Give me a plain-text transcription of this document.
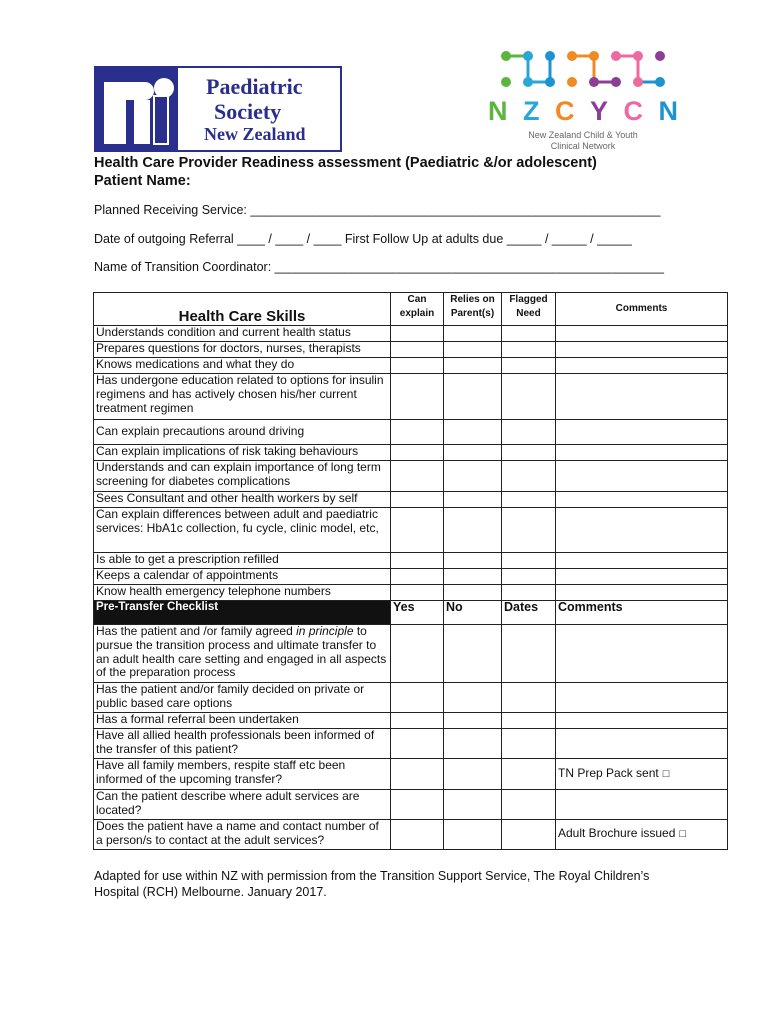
Paediatric
Society
New Zealand
N Z C Y C N
New Zealand Child & Youth
Clinical Network
Health Care Provider Readiness assessment (Paediatric &/or adolescent)
Patient Name:
Planned Receiving Service: ___________________________________________________________
Date of outgoing Referral ____ / ____ / ____ First Follow Up at adults due _____ / _____ / _____
Name of Transition Coordinator: ________________________________________________________
Health Care Skills	Can explain	Relies on Parent(s)	Flagged Need	Comments
Understands condition and current health status				
Prepares questions for doctors, nurses, therapists				
Knows medications and what they do				
Has undergone education related to options for insulin regimens and has actively chosen his/her current treatment regimen				
Can explain precautions around driving				
Can explain implications of risk taking behaviours				
Understands and can explain importance of long term screening for diabetes complications				
Sees Consultant and other health workers by self				
Can explain differences between adult and paediatric services: HbA1c collection, fu cycle, clinic model, etc,				
Is able to get a prescription refilled				
Keeps a calendar of appointments				
Know health emergency telephone numbers				
Pre-Transfer Checklist	Yes	No	Dates	Comments
Has the patient and /or family agreed in principle to pursue the transition process and ultimate transfer to an adult health care setting and engaged in all aspects of the preparation process				
Has the patient and/or family decided on private or public based care options				
Has a formal referral been undertaken				
Have all allied health professionals been informed of the transfer of this patient?				
Have all family members, respite staff etc been informed of the upcoming transfer?				TN Prep Pack sent □
Can the patient describe where adult services are located?				
Does the patient have a name and contact number of a person/s to contact at the adult services?				Adult Brochure issued □
Adapted for use within NZ with permission from the Transition Support Service, The Royal Children’s Hospital (RCH) Melbourne. January 2017.
